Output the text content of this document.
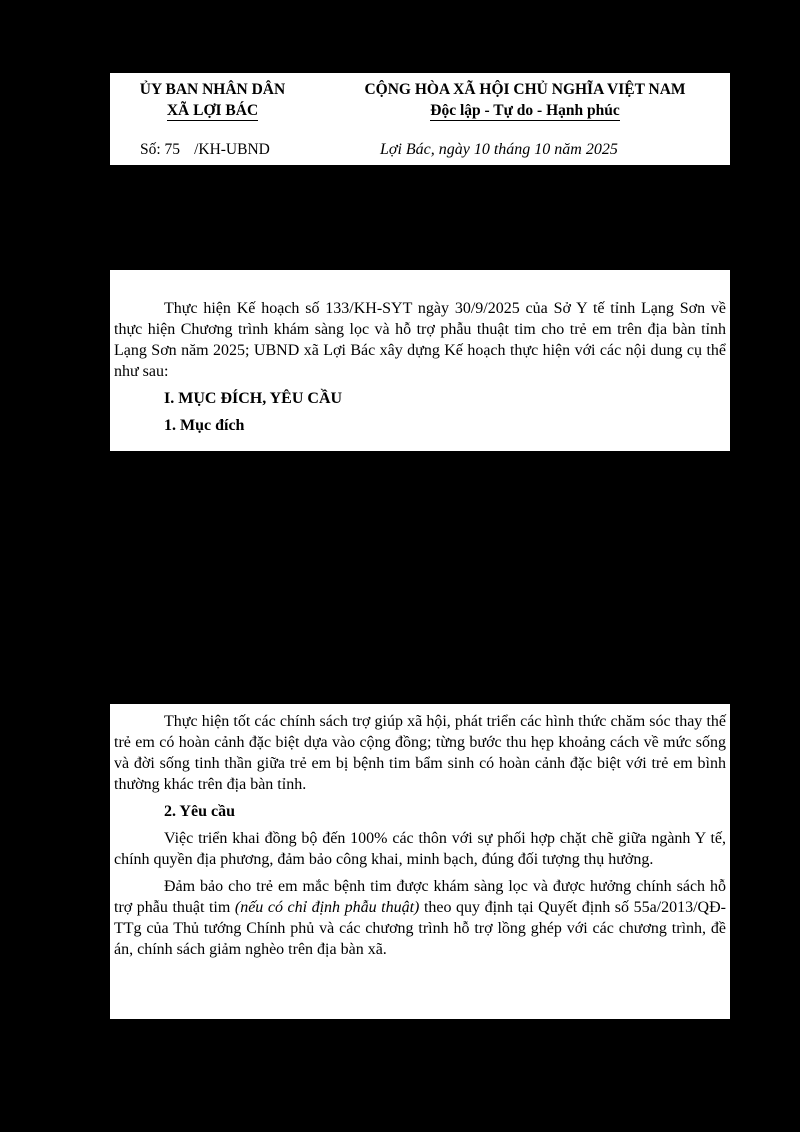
ỦY BAN NHÂN DÂN
XÃ LỢI BÁC
CỘNG HÒA XÃ HỘI CHỦ NGHĨA VIỆT NAM
Độc lập - Tự do - Hạnh phúc
Số: 75 /KH-UBND	Lợi Bác, ngày 10 tháng 10 năm 2025

Thực hiện Kế hoạch số 133/KH-SYT ngày 30/9/2025 của Sở Y tế tỉnh Lạng Sơn về thực hiện Chương trình khám sàng lọc và hỗ trợ phẫu thuật tim cho trẻ em trên địa bàn tỉnh Lạng Sơn năm 2025; UBND xã Lợi Bác xây dựng Kế hoạch thực hiện với các nội dung cụ thể như sau:

I. MỤC ĐÍCH, YÊU CẦU
1. Mục đích

Thực hiện tốt các chính sách trợ giúp xã hội, phát triển các hình thức chăm sóc thay thế trẻ em có hoàn cảnh đặc biệt dựa vào cộng đồng; từng bước thu hẹp khoảng cách về mức sống và đời sống tinh thần giữa trẻ em bị bệnh tim bẩm sinh có hoàn cảnh đặc biệt với trẻ em bình thường khác trên địa bàn tỉnh.

2. Yêu cầu

Việc triển khai đồng bộ đến 100% các thôn với sự phối hợp chặt chẽ giữa ngành Y tế, chính quyền địa phương, đảm bảo công khai, minh bạch, đúng đối tượng thụ hưởng.

Đảm bảo cho trẻ em mắc bệnh tim được khám sàng lọc và được hưởng chính sách hỗ trợ phẫu thuật tim (nếu có chỉ định phẫu thuật) theo quy định tại Quyết định số 55a/2013/QĐ-TTg của Thủ tướng Chính phủ và các chương trình hỗ trợ lồng ghép với các chương trình, đề án, chính sách giảm nghèo trên địa bàn xã.
